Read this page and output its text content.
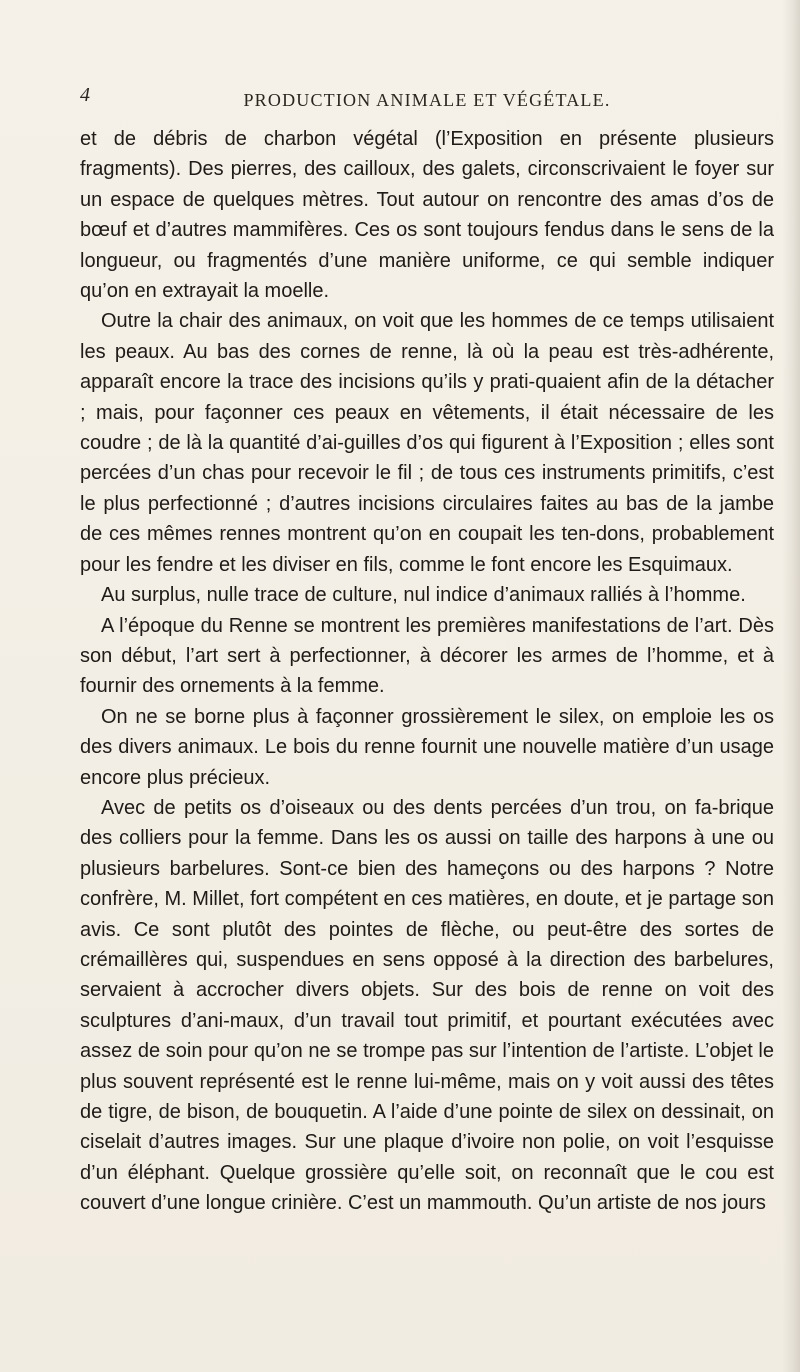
4	PRODUCTION ANIMALE ET VÉGÉTALE.

et de débris de charbon végétal (l’Exposition en présente plusieurs fragments). Des pierres, des cailloux, des galets, circonscrivaient le foyer sur un espace de quelques mètres. Tout autour on rencontre des amas d’os de bœuf et d’autres mammifères. Ces os sont toujours fendus dans le sens de la longueur, ou fragmentés d’une manière uniforme, ce qui semble indiquer qu’on en extrayait la moelle.

Outre la chair des animaux, on voit que les hommes de ce temps utilisaient les peaux. Au bas des cornes de renne, là où la peau est très-adhérente, apparaît encore la trace des incisions qu’ils y prati-quaient afin de la détacher ; mais, pour façonner ces peaux en vêtements, il était nécessaire de les coudre ; de là la quantité d’ai-guilles d’os qui figurent à l’Exposition ; elles sont percées d’un chas pour recevoir le fil ; de tous ces instruments primitifs, c’est le plus perfectionné ; d’autres incisions circulaires faites au bas de la jambe de ces mêmes rennes montrent qu’on en coupait les ten-dons, probablement pour les fendre et les diviser en fils, comme le font encore les Esquimaux.

Au surplus, nulle trace de culture, nul indice d’animaux ralliés à l’homme.

A l’époque du Renne se montrent les premières manifestations de l’art. Dès son début, l’art sert à perfectionner, à décorer les armes de l’homme, et à fournir des ornements à la femme.

On ne se borne plus à façonner grossièrement le silex, on emploie les os des divers animaux. Le bois du renne fournit une nouvelle matière d’un usage encore plus précieux.

Avec de petits os d’oiseaux ou des dents percées d’un trou, on fa-brique des colliers pour la femme. Dans les os aussi on taille des harpons à une ou plusieurs barbelures. Sont-ce bien des hameçons ou des harpons ? Notre confrère, M. Millet, fort compétent en ces matières, en doute, et je partage son avis. Ce sont plutôt des pointes de flèche, ou peut-être des sortes de crémaillères qui, suspendues en sens opposé à la direction des barbelures, servaient à accrocher divers objets. Sur des bois de renne on voit des sculptures d’ani-maux, d’un travail tout primitif, et pourtant exécutées avec assez de soin pour qu’on ne se trompe pas sur l’intention de l’artiste. L’objet le plus souvent représenté est le renne lui-même, mais on y voit aussi des têtes de tigre, de bison, de bouquetin. A l’aide d’une pointe de silex on dessinait, on ciselait d’autres images. Sur une plaque d’ivoire non polie, on voit l’esquisse d’un éléphant. Quelque grossière qu’elle soit, on reconnaît que le cou est couvert d’une longue crinière. C’est un mammouth. Qu’un artiste de nos jours
